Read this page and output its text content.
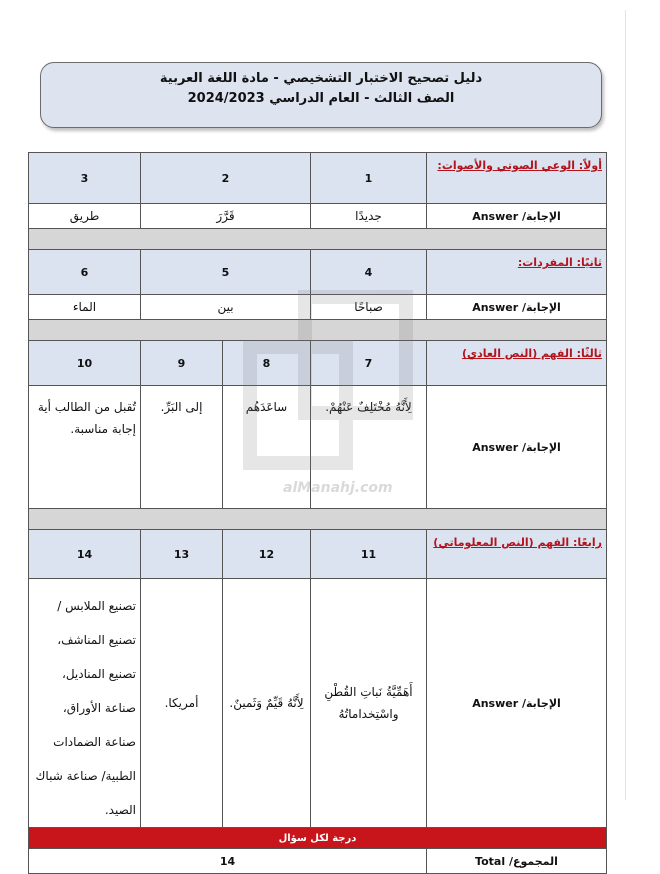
دليل تصحيح الاختبار التشخيصي - مادة اللغة العربية
الصف الثالث - العام الدراسي 2024/2023
أولاً: الوعي الصوتي والأصوات:	1	2		3
الإجابة/ Answer	جديدًا	قَرَّرَ		طريق

ثانيًا: المفردات:	4	5		6
الإجابة/ Answer	صباحًا	بين		الماء

ثالثًا: الفهم (النص العادي)	7	8	9	10
الإجابة/ Answer	لِأَنَّهُ مُخْتَلِفٌ عَنْهُمْ.	ساعَدَهُم	إلى البَرِّ.	تُقبل من الطالب أية إجابة مناسبة.

رابعًا: الفهم (النص المعلوماتي)	11	12	13	14
الإجابة/ Answer	أَهَمِّيَّةُ نَباتِ القُطْنِ واسْتِخداماتُهُ	لِأَنَّهُ قَيِّمٌ وَثَمينٌ.	أمريكا.	تصنيع الملابس / تصنيع المناشف، تصنيع المناديل، صناعة الأوراق، صناعة الضمادات الطبية/ صناعة شباك الصيد.
درجة لكل سؤال				
المجموع/ Total	14			
alManahj.com
